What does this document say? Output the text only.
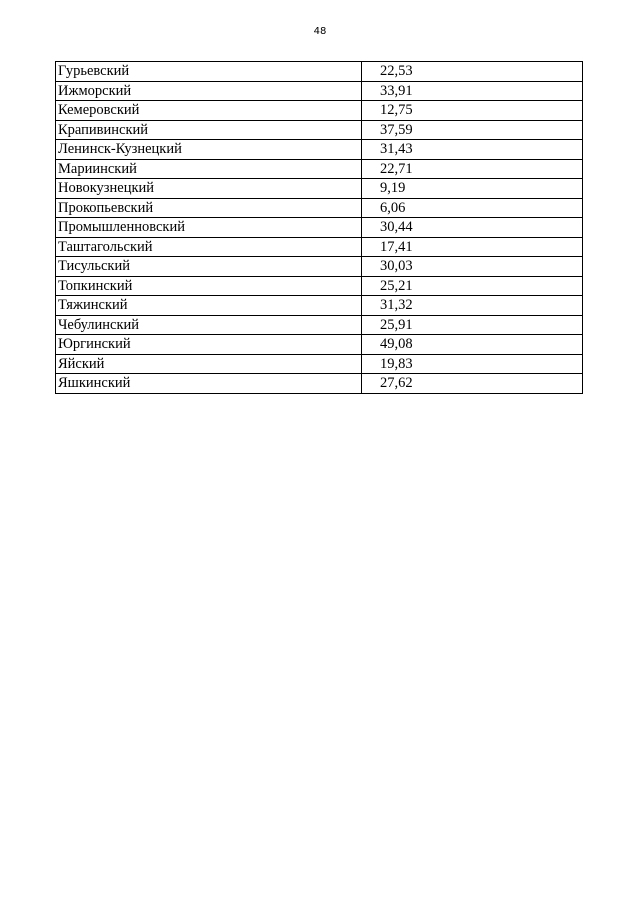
48
Гурьевский	22,53
Ижморский	33,91
Кемеровский	12,75
Крапивинский	37,59
Ленинск-Кузнецкий	31,43
Мариинский	22,71
Новокузнецкий	9,19
Прокопьевский	6,06
Промышленновский	30,44
Таштагольский	17,41
Тисульский	30,03
Топкинский	25,21
Тяжинский	31,32
Чебулинский	25,91
Юргинский	49,08
Яйский	19,83
Яшкинский	27,62
